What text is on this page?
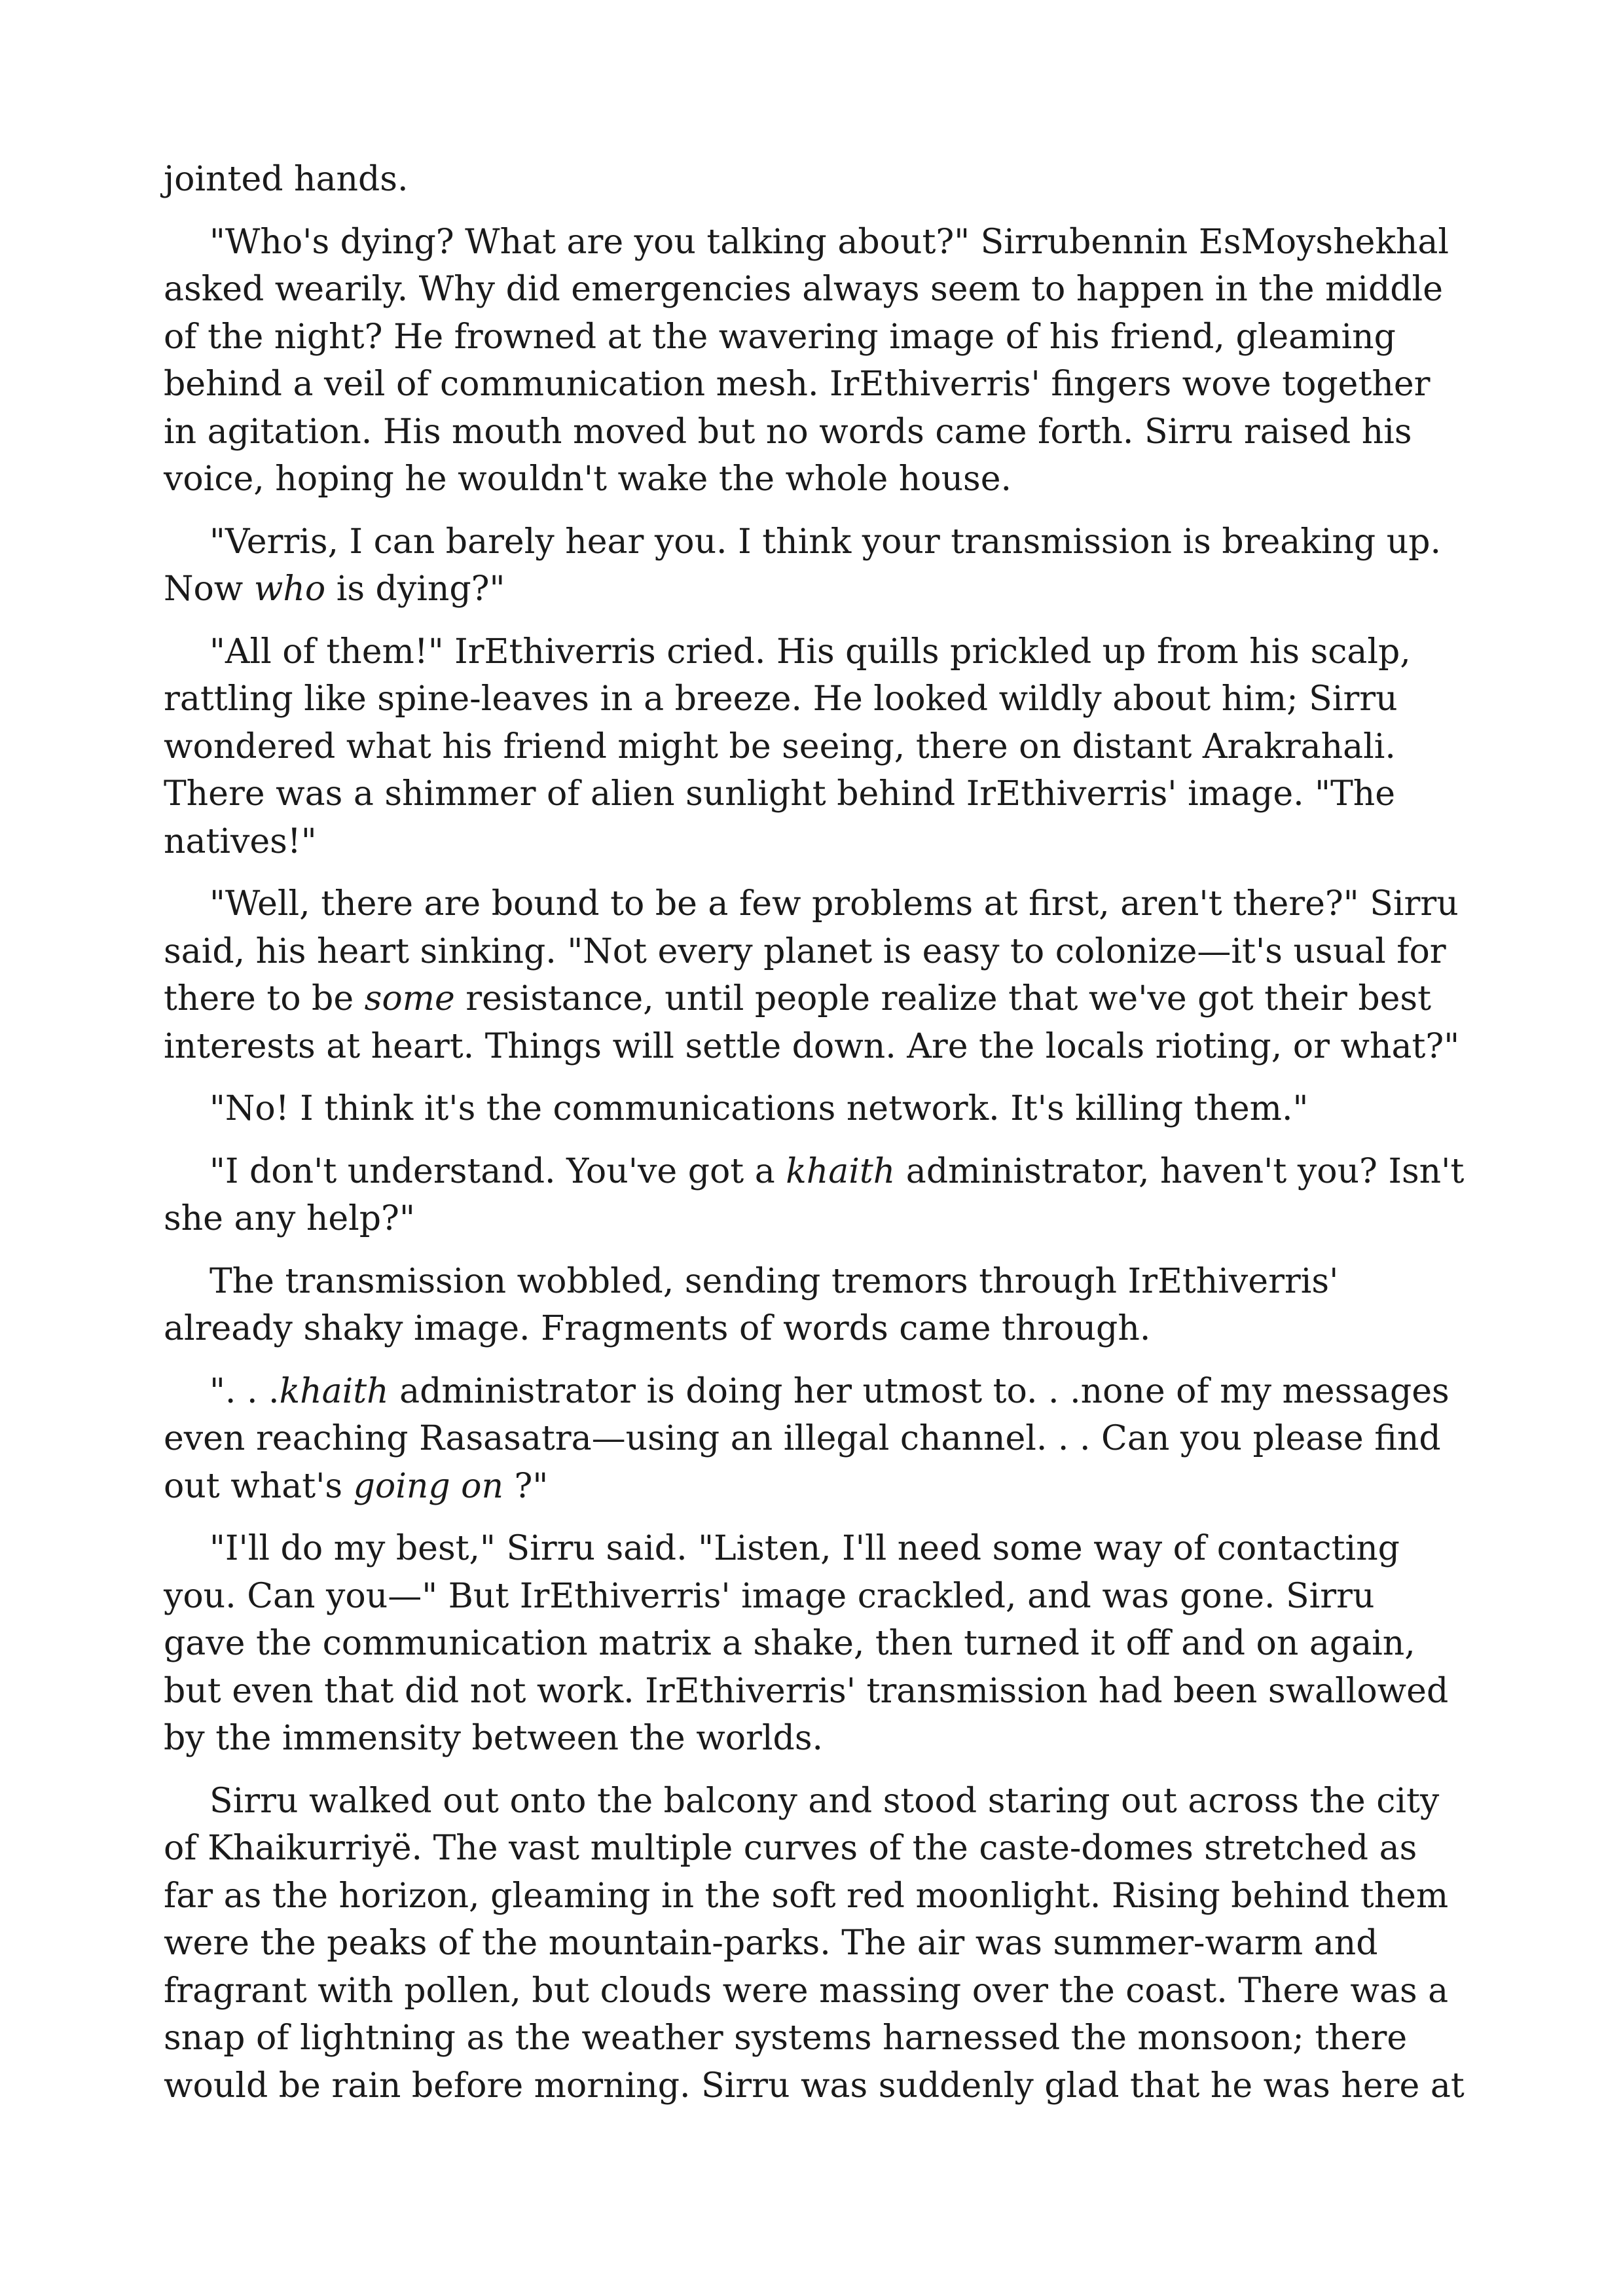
jointed hands.

"Who's dying? What are you talking about?" Sirrubennin EsMoyshekhal asked wearily. Why did emergencies always seem to happen in the middle of the night? He frowned at the wavering image of his friend, gleaming behind a veil of communication mesh. IrEthiverris' fingers wove together in agitation. His mouth moved but no words came forth. Sirru raised his voice, hoping he wouldn't wake the whole house.

"Verris, I can barely hear you. I think your transmission is breaking up. Now who is dying?"

"All of them!" IrEthiverris cried. His quills prickled up from his scalp, rattling like spine-leaves in a breeze. He looked wildly about him; Sirru wondered what his friend might be seeing, there on distant Arakrahali. There was a shimmer of alien sunlight behind IrEthiverris' image. "The natives!"

"Well, there are bound to be a few problems at first, aren't there?" Sirru said, his heart sinking. "Not every planet is easy to colonize—it's usual for there to be some resistance, until people realize that we've got their best interests at heart. Things will settle down. Are the locals rioting, or what?"

"No! I think it's the communications network. It's killing them."

"I don't understand. You've got a khaith administrator, haven't you? Isn't she any help?"

The transmission wobbled, sending tremors through IrEthiverris' already shaky image. Fragments of words came through.

". . .khaith administrator is doing her utmost to. . .none of my messages even reaching Rasasatra—using an illegal channel. . . Can you please find out what's going on ?"

"I'll do my best," Sirru said. "Listen, I'll need some way of contacting you. Can you—" But IrEthiverris' image crackled, and was gone. Sirru gave the communication matrix a shake, then turned it off and on again, but even that did not work. IrEthiverris' transmission had been swallowed by the immensity between the worlds.

Sirru walked out onto the balcony and stood staring out across the city of Khaikurriyë. The vast multiple curves of the caste-domes stretched as far as the horizon, gleaming in the soft red moonlight. Rising behind them were the peaks of the mountain-parks. The air was summer-warm and fragrant with pollen, but clouds were massing over the coast. There was a snap of lightning as the weather systems harnessed the monsoon; there would be rain before morning. Sirru was suddenly glad that he was here at
